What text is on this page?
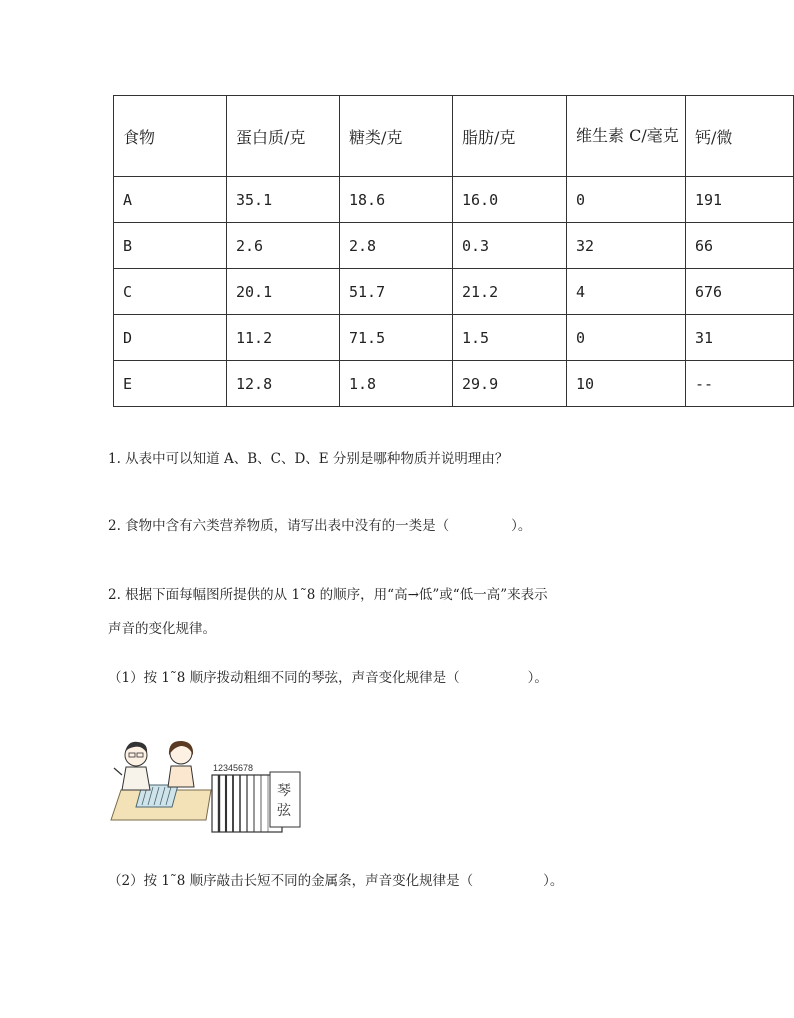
食物	蛋白质/克	糖类/克	脂肪/克	维生素 C/毫克	钙/微
A	35.1	18.6	16.0	0	191
B	2.6	2.8	0.3	32	66
C	20.1	51.7	21.2	4	676
D	11.2	71.5	1.5	0	31
E	12.8	1.8	29.9	10	--
1. 从表中可以知道 A、B、C、D、E 分别是哪种物质并说明理由？
2. 食物中含有六类营养物质，请写出表中没有的一类是（	）。
2. 根据下面每幅图所提供的从 1˜8 的顺序，用“高→低”或“低一高”来表示
声音的变化规律。
（1）按 1˜8 顺序拨动粗细不同的琴弦，声音变化规律是（	）。
12345678
琴
弦
（2）按 1˜8 顺序敲击长短不同的金属条，声音变化规律是（	）。
